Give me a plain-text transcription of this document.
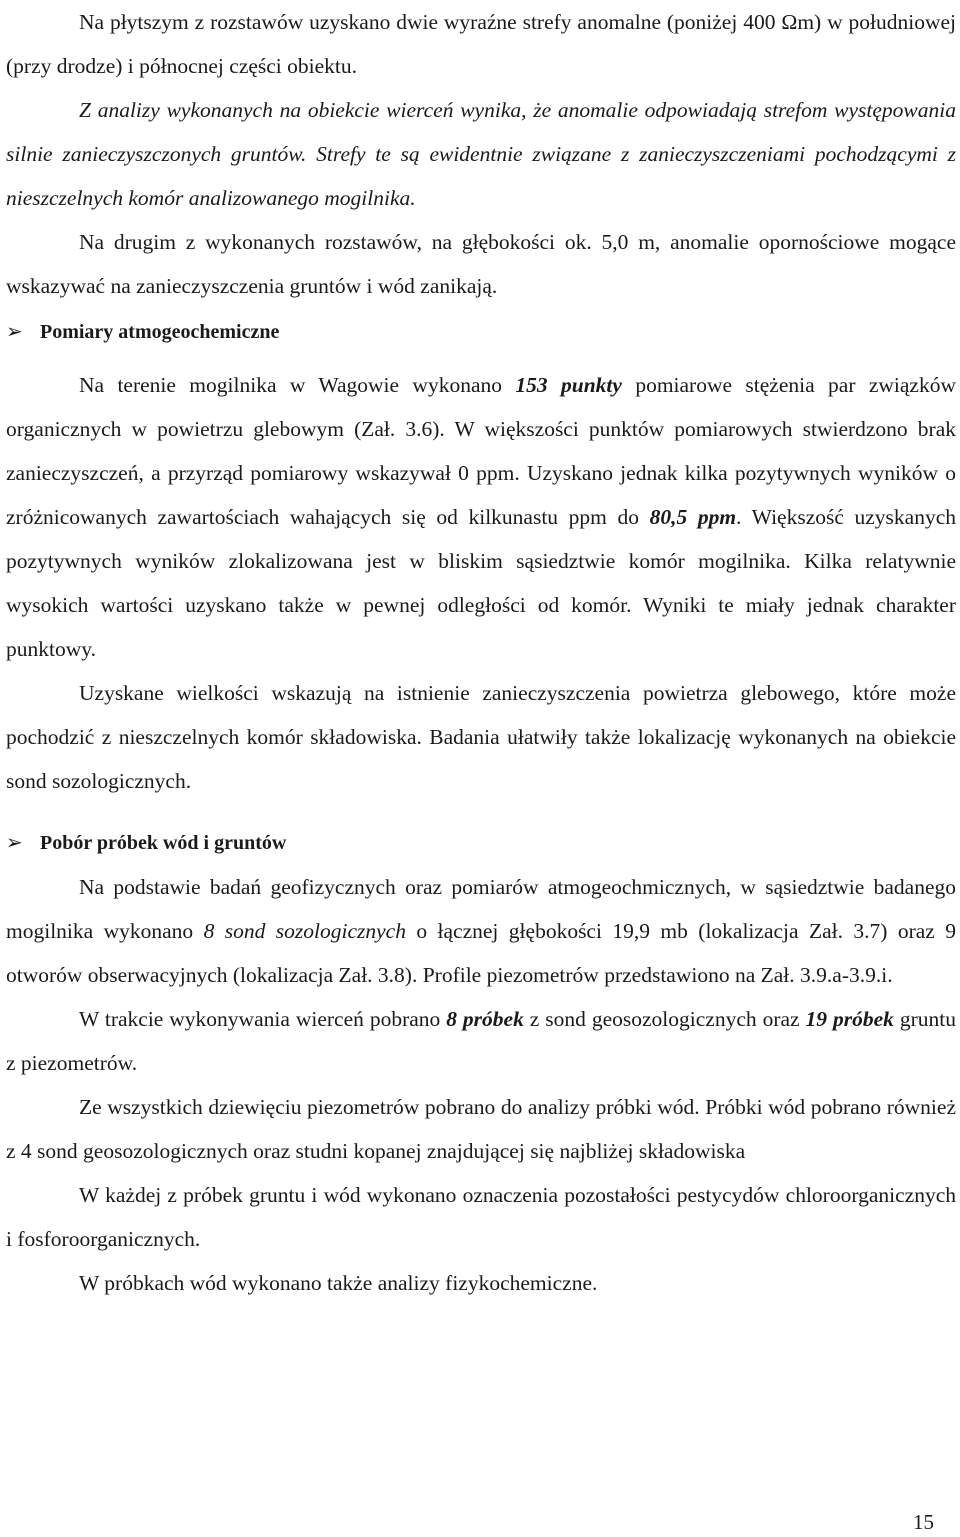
Na płytszym z rozstawów uzyskano dwie wyraźne strefy anomalne (poniżej 400 Ωm) w południowej (przy drodze) i północnej części obiektu.

Z analizy wykonanych na obiekcie wierceń wynika, że anomalie odpowiadają strefom występowania silnie zanieczyszczonych gruntów. Strefy te są ewidentnie związane z zanieczyszczeniami pochodzącymi z nieszczelnych komór analizowanego mogilnika.

Na drugim z wykonanych rozstawów, na głębokości ok. 5,0 m, anomalie opornościowe mogące wskazywać na zanieczyszczenia gruntów i wód zanikają.

➢ Pomiary atmogeochemiczne

Na terenie mogilnika w Wagowie wykonano 153 punkty pomiarowe stężenia par związków organicznych w powietrzu glebowym (Zał. 3.6). W większości punktów pomiarowych stwierdzono brak zanieczyszczeń, a przyrząd pomiarowy wskazywał 0 ppm. Uzyskano jednak kilka pozytywnych wyników o zróżnicowanych zawartościach wahających się od kilkunastu ppm do 80,5 ppm. Większość uzyskanych pozytywnych wyników zlokalizowana jest w bliskim sąsiedztwie komór mogilnika. Kilka relatywnie wysokich wartości uzyskano także w pewnej odległości od komór. Wyniki te miały jednak charakter punktowy.

Uzyskane wielkości wskazują na istnienie zanieczyszczenia powietrza glebowego, które może pochodzić z nieszczelnych komór składowiska. Badania ułatwiły także lokalizację wykonanych na obiekcie sond sozologicznych.

➢ Pobór próbek wód i gruntów

Na podstawie badań geofizycznych oraz pomiarów atmogeochmicznych, w sąsiedztwie badanego mogilnika wykonano 8 sond sozologicznych o łącznej głębokości 19,9 mb (lokalizacja Zał. 3.7) oraz 9 otworów obserwacyjnych (lokalizacja Zał. 3.8). Profile piezometrów przedstawiono na Zał. 3.9.a-3.9.i.

W trakcie wykonywania wierceń pobrano 8 próbek z sond geosozologicznych oraz 19 próbek gruntu z piezometrów.

Ze wszystkich dziewięciu piezometrów pobrano do analizy próbki wód. Próbki wód pobrano również z 4 sond geosozologicznych oraz studni kopanej znajdującej się najbliżej składowiska

W każdej z próbek gruntu i wód wykonano oznaczenia pozostałości pestycydów chloroorganicznych i fosforoorganicznych.

W próbkach wód wykonano także analizy fizykochemiczne.

15
